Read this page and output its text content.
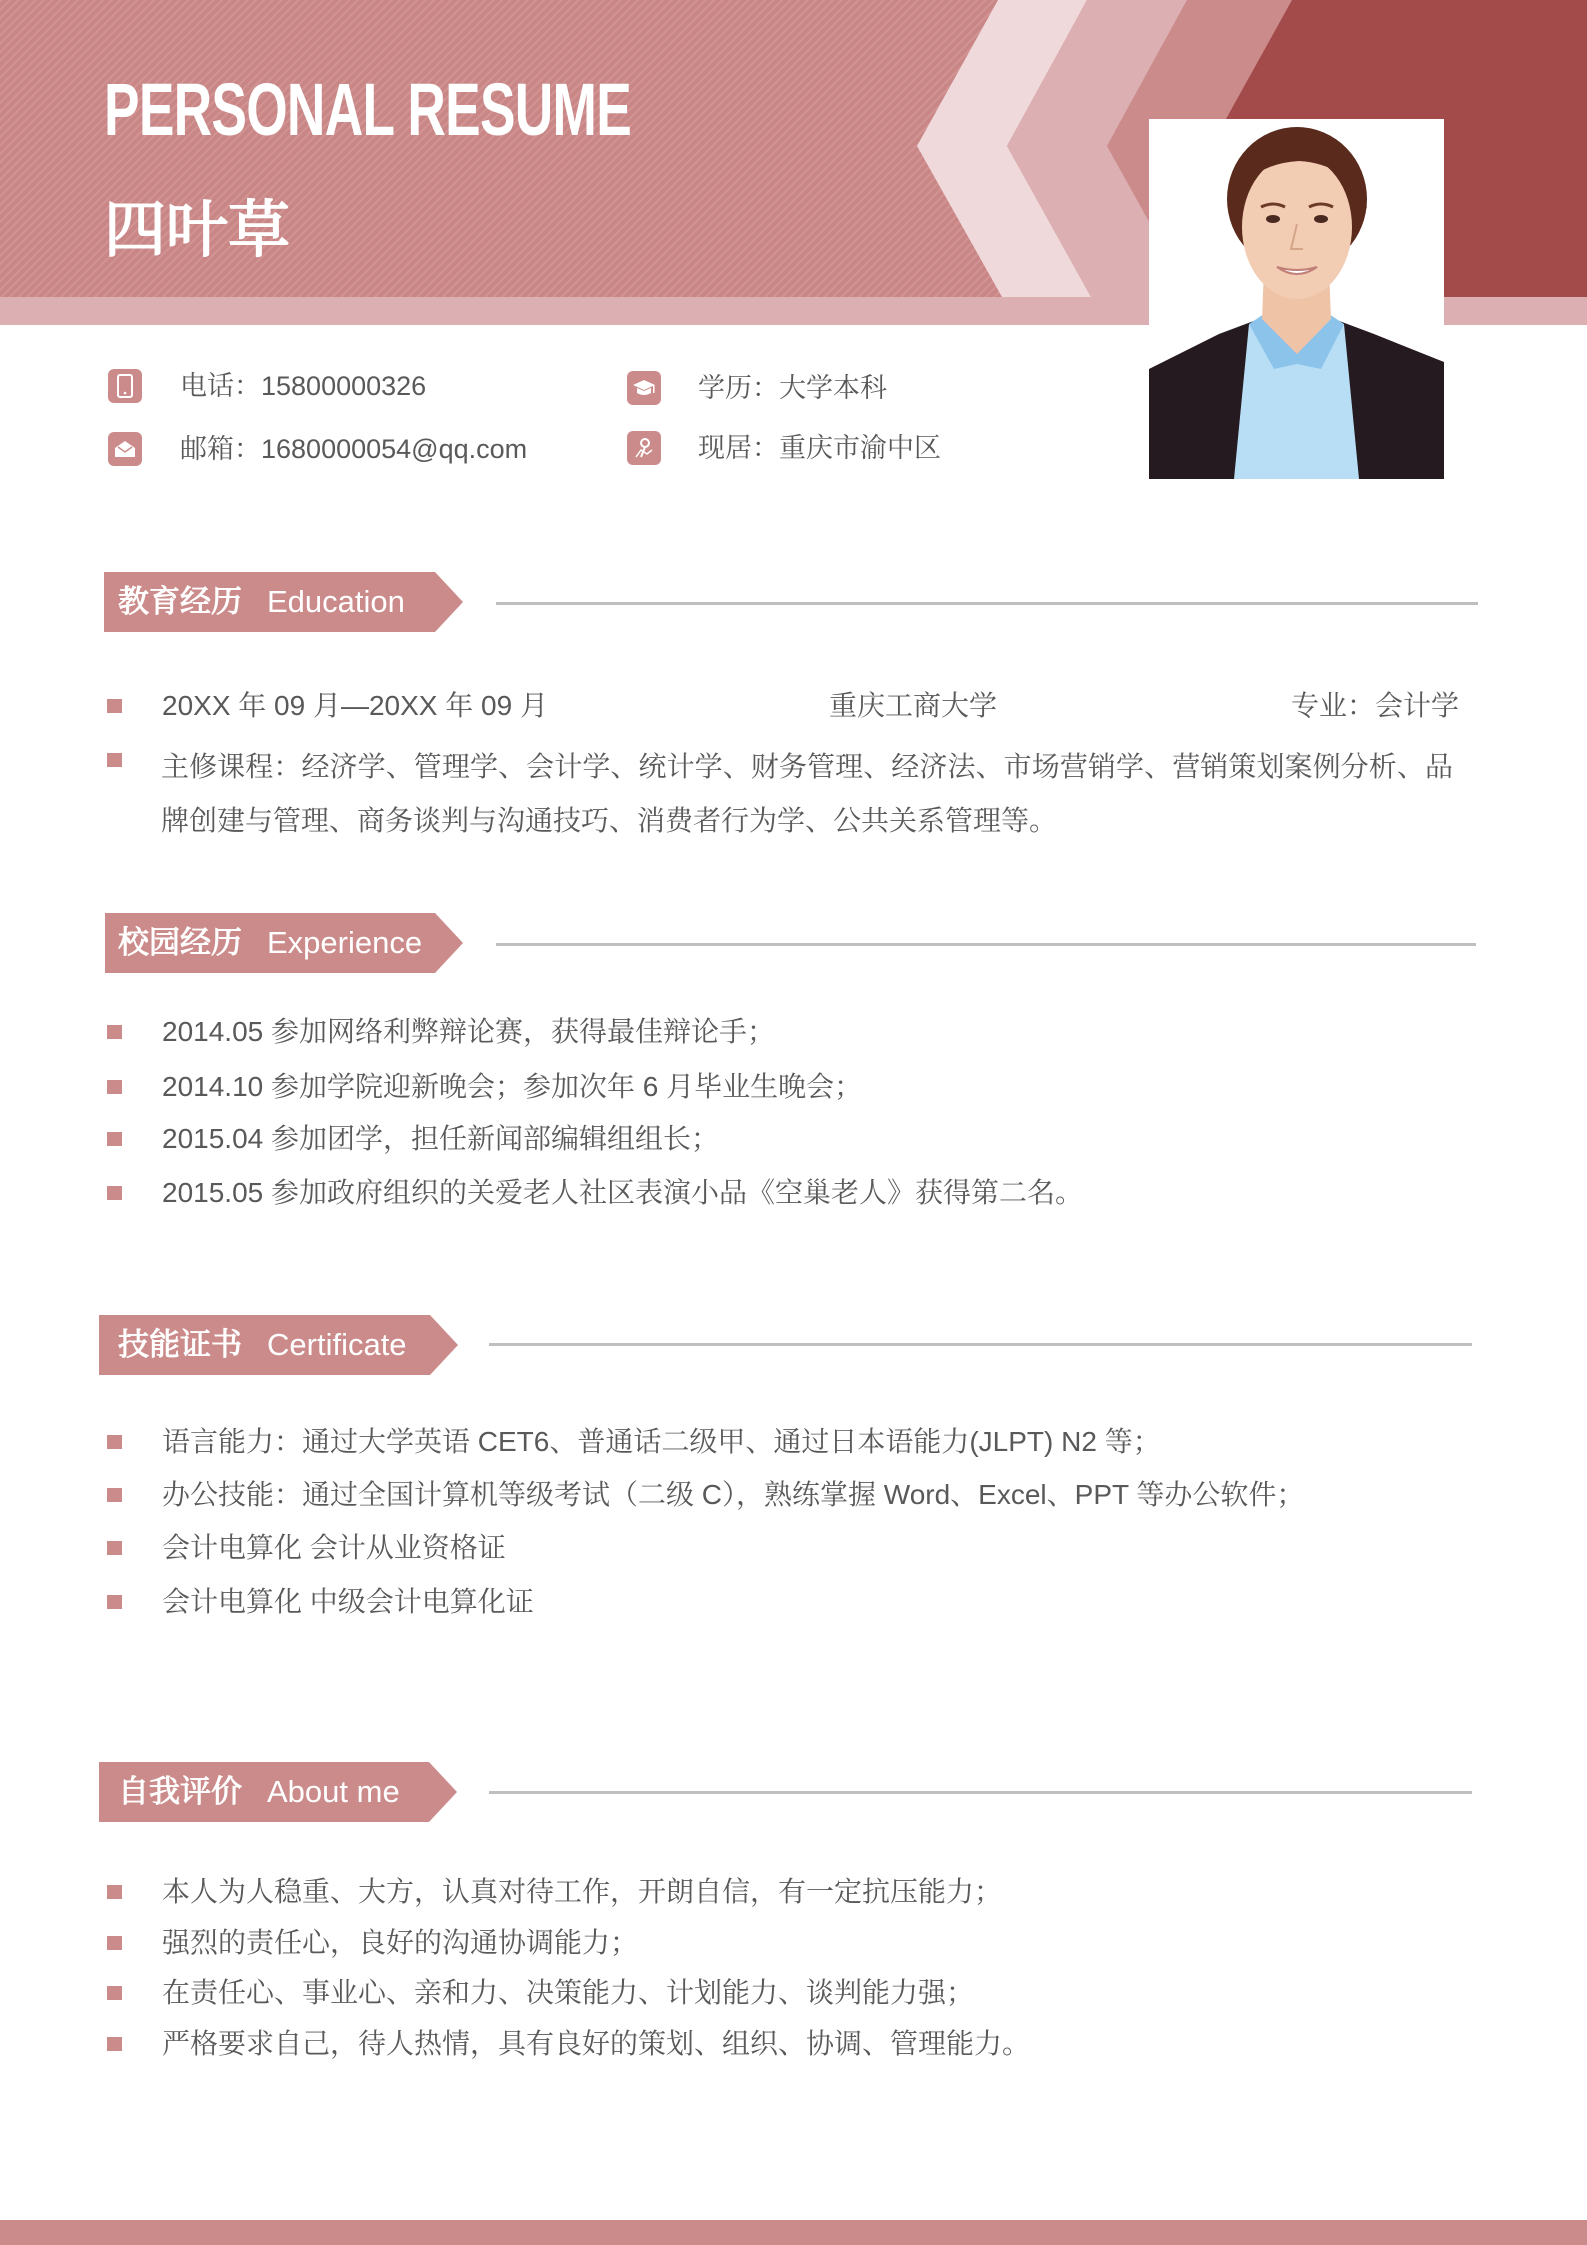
PERSONAL RESUME
四叶草
电话：15800000326
邮箱：1680000054@qq.com
学历：大学本科
现居：重庆市渝中区
教育经历 Education
20XX 年 09 月—20XX 年 09 月	重庆工商大学	专业：会计学
主修课程：经济学、管理学、会计学、统计学、财务管理、经济法、市场营销学、营销策划案例分析、品牌创建与管理、商务谈判与沟通技巧、消费者行为学、公共关系管理等。
校园经历 Experience
2014.05 参加网络利弊辩论赛，获得最佳辩论手；
2014.10 参加学院迎新晚会；参加次年 6 月毕业生晚会；
2015.04 参加团学，担任新闻部编辑组组长；
2015.05 参加政府组织的关爱老人社区表演小品《空巢老人》获得第二名。
技能证书 Certificate
语言能力：通过大学英语 CET6、普通话二级甲、通过日本语能力(JLPT) N2 等；
办公技能：通过全国计算机等级考试（二级 C），熟练掌握 Word、Excel、PPT 等办公软件；
会计电算化 会计从业资格证
会计电算化 中级会计电算化证
自我评价 About me
本人为人稳重、大方，认真对待工作，开朗自信，有一定抗压能力；
强烈的责任心，良好的沟通协调能力；
在责任心、事业心、亲和力、决策能力、计划能力、谈判能力强；
严格要求自己，待人热情，具有良好的策划、组织、协调、管理能力。
